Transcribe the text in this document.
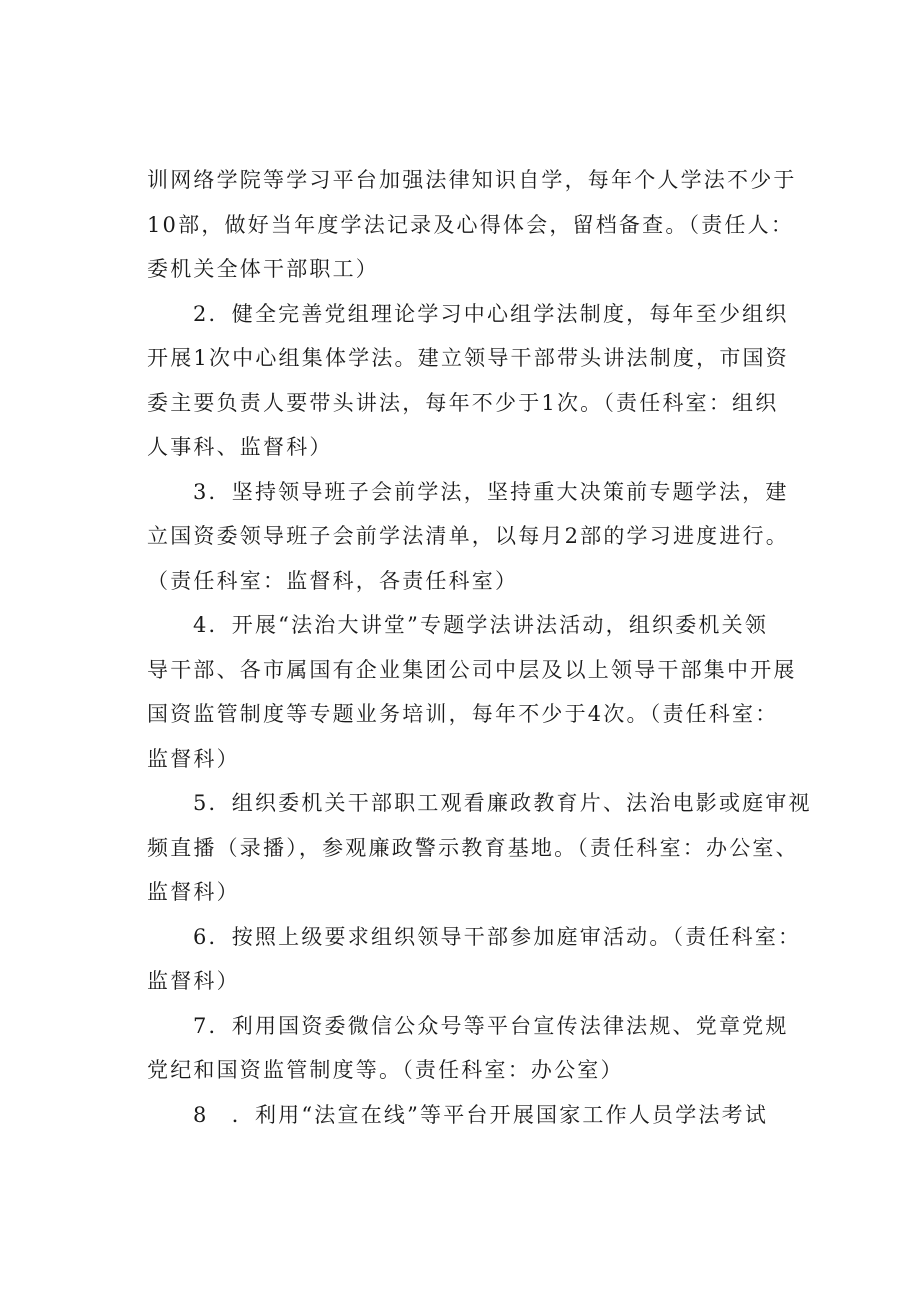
训网络学院等学习平台加强法律知识自学，每年个人学法不少于
10部，做好当年度学法记录及心得体会，留档备查。（责任人：
委机关全体干部职工）
2．健全完善党组理论学习中心组学法制度，每年至少组织
开展1次中心组集体学法。建立领导干部带头讲法制度，市国资
委主要负责人要带头讲法，每年不少于1次。（责任科室：组织
人事科、监督科）
3．坚持领导班子会前学法，坚持重大决策前专题学法，建
立国资委领导班子会前学法清单，以每月2部的学习进度进行。
（责任科室：监督科，各责任科室）
4．开展“法治大讲堂”专题学法讲法活动，组织委机关领
导干部、各市属国有企业集团公司中层及以上领导干部集中开展
国资监管制度等专题业务培训，每年不少于4次。（责任科室：
监督科）
5．组织委机关干部职工观看廉政教育片、法治电影或庭审视
频直播（录播），参观廉政警示教育基地。（责任科室：办公室、
监督科）
6．按照上级要求组织领导干部参加庭审活动。（责任科室：
监督科）
7．利用国资委微信公众号等平台宣传法律法规、党章党规
党纪和国资监管制度等。（责任科室：办公室）
8　．利用“法宣在线”等平台开展国家工作人员学法考试
